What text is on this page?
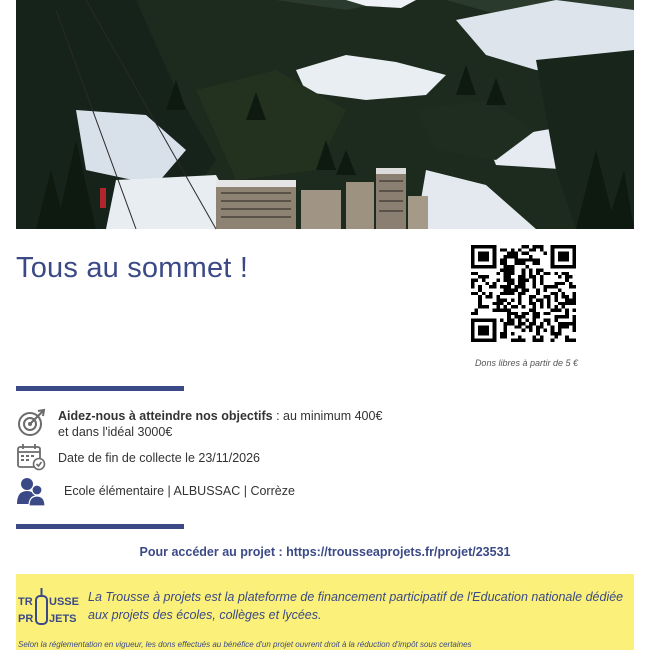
Tous au sommet !
Dons libres à partir de 5 €
Aidez-nous à atteindre nos objectifs : au minimum 400€
et dans l'idéal 3000€
Date de fin de collecte le 23/11/2026
Ecole élémentaire | ALBUSSAC | Corrèze
Pour accéder au projet : https://trousseaprojets.fr/projet/23531
TR USSE
PR JETS
La Trousse à projets est la plateforme de financement participatif de l'Education nationale dédiée aux projets des écoles, collèges et lycées.
Selon la réglementation en vigueur, les dons effectués au bénéfice d'un projet ouvrent droit à la réduction d'impôt sous certaines
